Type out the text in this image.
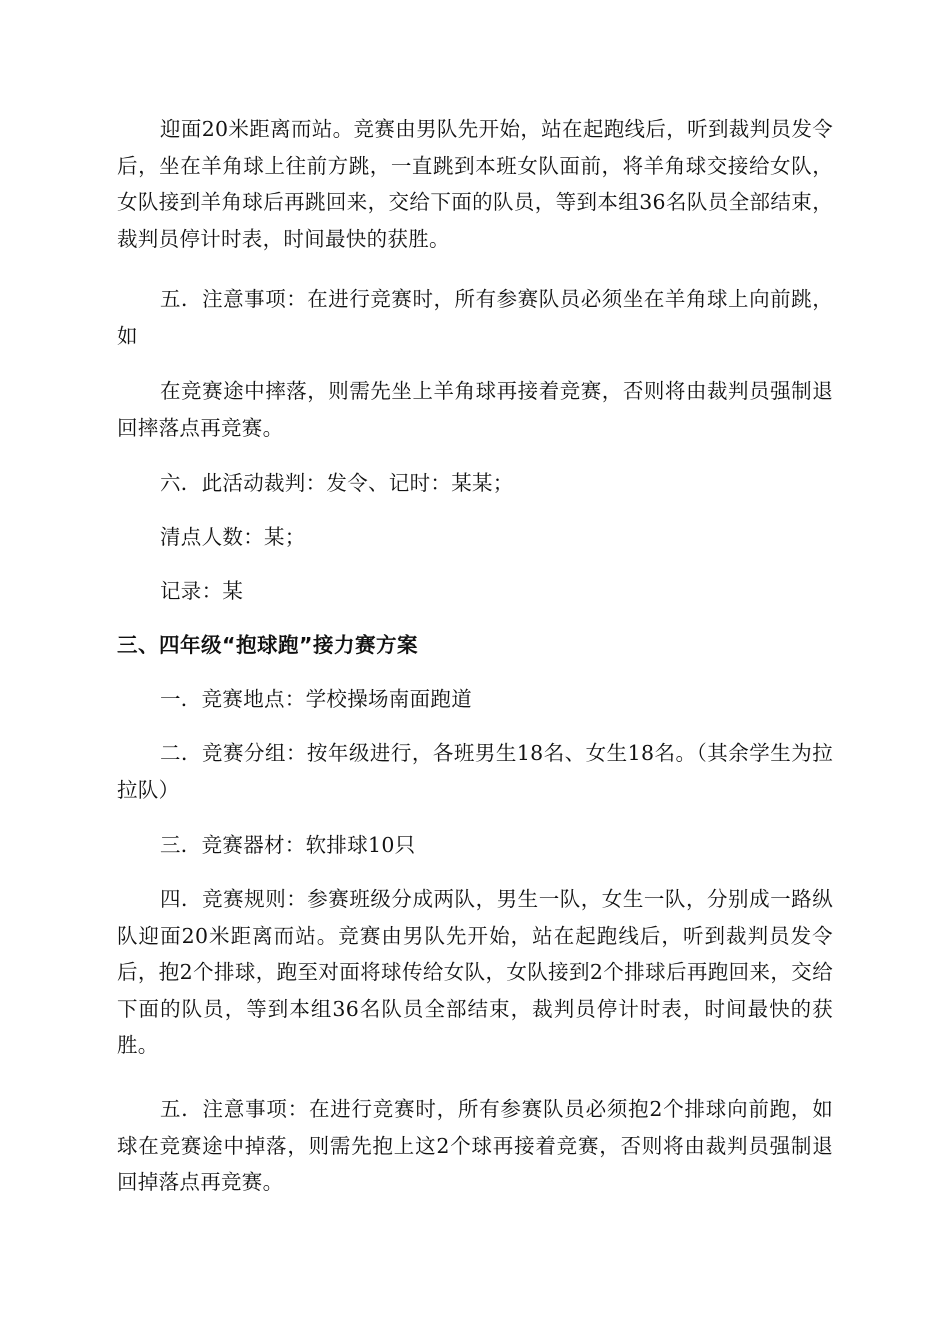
迎面20米距离而站。竞赛由男队先开始，站在起跑线后，听到裁判员发令后，坐在羊角球上往前方跳，一直跳到本班女队面前，将羊角球交接给女队，女队接到羊角球后再跳回来，交给下面的队员，等到本组36名队员全部结束，裁判员停计时表，时间最快的获胜。

五．注意事项：在进行竞赛时，所有参赛队员必须坐在羊角球上向前跳，如

在竞赛途中摔落，则需先坐上羊角球再接着竞赛，否则将由裁判员强制退回摔落点再竞赛。

六．此活动裁判：发令、记时：某某；

清点人数：某；

记录：某

三、四年级“抱球跑”接力赛方案

一．竞赛地点：学校操场南面跑道

二．竞赛分组：按年级进行，各班男生18名、女生18名。（其余学生为拉拉队）

三．竞赛器材：软排球10只

四．竞赛规则：参赛班级分成两队，男生一队，女生一队，分别成一路纵队迎面20米距离而站。竞赛由男队先开始，站在起跑线后，听到裁判员发令后，抱2个排球，跑至对面将球传给女队，女队接到2个排球后再跑回来，交给下面的队员，等到本组36名队员全部结束，裁判员停计时表，时间最快的获胜。

五．注意事项：在进行竞赛时，所有参赛队员必须抱2个排球向前跑，如球在竞赛途中掉落，则需先抱上这2个球再接着竞赛，否则将由裁判员强制退回掉落点再竞赛。
